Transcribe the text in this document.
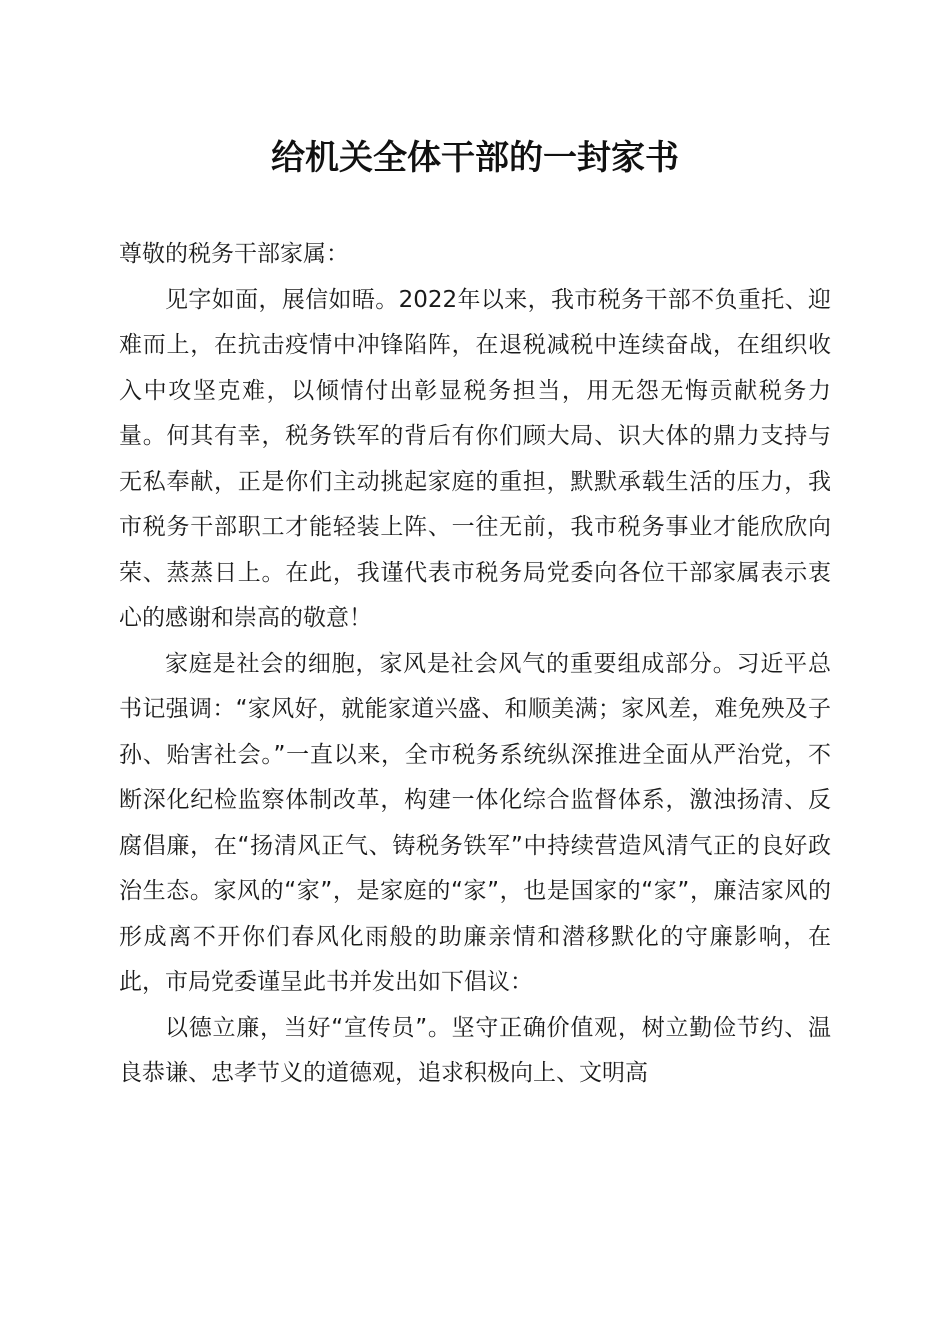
给机关全体干部的一封家书

尊敬的税务干部家属：

见字如面，展信如晤。2022年以来，我市税务干部不负重托、迎难而上，在抗击疫情中冲锋陷阵，在退税减税中连续奋战，在组织收入中攻坚克难，以倾情付出彰显税务担当，用无怨无悔贡献税务力量。何其有幸，税务铁军的背后有你们顾大局、识大体的鼎力支持与无私奉献，正是你们主动挑起家庭的重担，默默承载生活的压力，我市税务干部职工才能轻装上阵、一往无前，我市税务事业才能欣欣向荣、蒸蒸日上。在此，我谨代表市税务局党委向各位干部家属表示衷心的感谢和崇高的敬意！

家庭是社会的细胞，家风是社会风气的重要组成部分。习近平总书记强调：“家风好，就能家道兴盛、和顺美满；家风差，难免殃及子孙、贻害社会。”一直以来，全市税务系统纵深推进全面从严治党，不断深化纪检监察体制改革，构建一体化综合监督体系，激浊扬清、反腐倡廉，在“扬清风正气、铸税务铁军”中持续营造风清气正的良好政治生态。家风的“家”，是家庭的“家”，也是国家的“家”，廉洁家风的形成离不开你们春风化雨般的助廉亲情和潜移默化的守廉影响，在此，市局党委谨呈此书并发出如下倡议：

以德立廉，当好“宣传员”。坚守正确价值观，树立勤俭节约、温良恭谦、忠孝节义的道德观，追求积极向上、文明高
